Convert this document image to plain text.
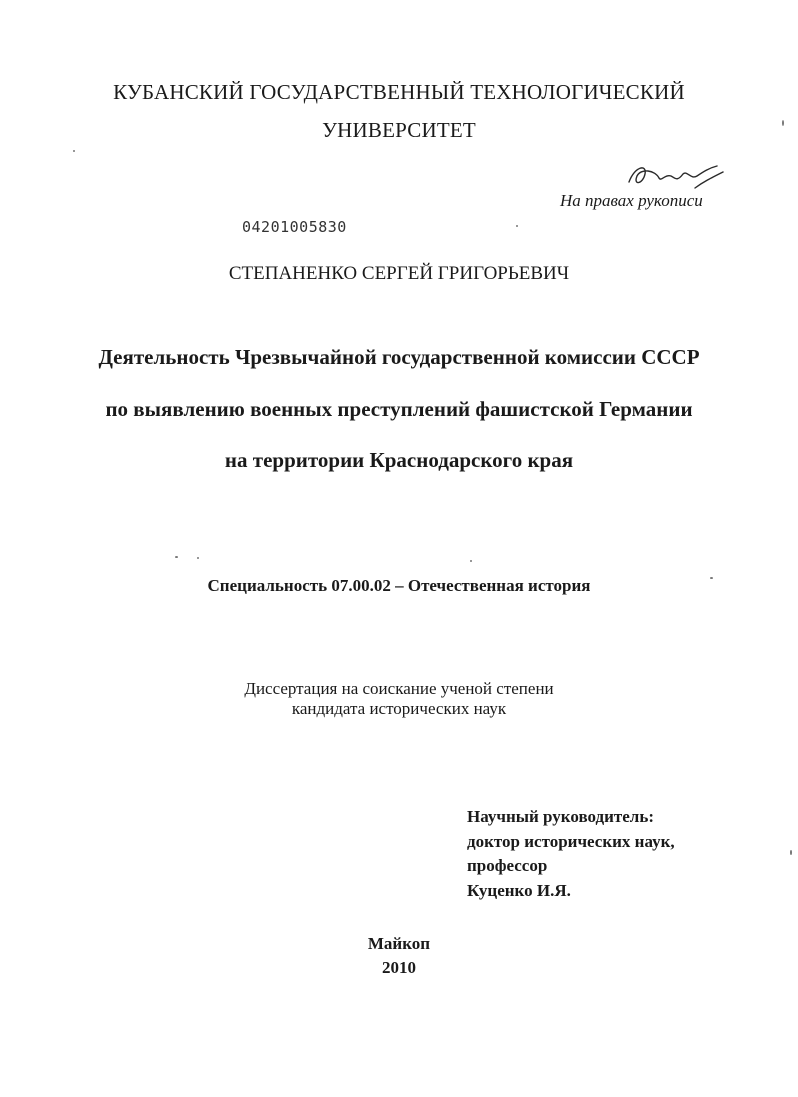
КУБАНСКИЙ ГОСУДАРСТВЕННЫЙ ТЕХНОЛОГИЧЕСКИЙ
УНИВЕРСИТЕТ
На правах рукописи
04201005830
СТЕПАНЕНКО СЕРГЕЙ ГРИГОРЬЕВИЧ
Деятельность Чрезвычайной государственной комиссии СССР
по выявлению военных преступлений фашистской Германии
на территории Краснодарского края
Специальность 07.00.02 – Отечественная история
Диссертация на соискание ученой степени
кандидата исторических наук
Научный руководитель:
доктор исторических наук,
профессор
Куценко И.Я.
Майкоп
2010
